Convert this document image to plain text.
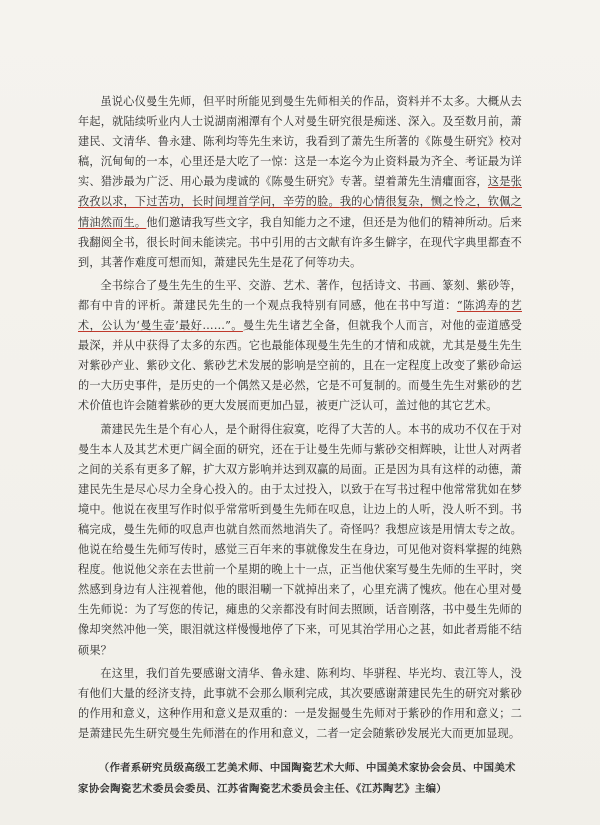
虽说心仪曼生先师，但平时所能见到曼生先师相关的作品，资料并不太多。大概从去年起，就陆续听业内人士说湖南湘潭有个人对曼生研究很是痴迷、深入。及至数月前，萧建民、文清华、鲁永建、陈利均等先生来访，我看到了萧先生所著的《陈曼生研究》校对稿，沉甸甸的一本，心里还是大吃了一惊：这是一本迄今为止资料最为齐全、考证最为详实、猎涉最为广泛、用心最为虔诚的《陈曼生研究》专著。望着萧先生清癯面容，这是张孜孜以求，下过苦功，长时间埋首学问，辛劳的脸。我的心情很复杂，恻之怜之，钦佩之情油然而生。他们邀请我写些文字，我自知能力之不逮，但还是为他们的精神所动。后来我翻阅全书，很长时间未能读完。书中引用的古文献有许多生僻字，在现代字典里都查不到，其著作难度可想而知，萧建民先生是花了何等功夫。

全书综合了曼生先生的生平、交游、艺术、著作，包括诗文、书画、篆刻、紫砂等，都有中肯的评析。萧建民先生的一个观点我特别有同感，他在书中写道：“陈鸿寿的艺术，公认为‘曼生壶’最好……”。曼生先生诸艺全备，但就我个人而言，对他的壶道感受最深，并从中获得了太多的东西。它也最能体现曼生先生的才情和成就，尤其是曼生先生对紫砂产业、紫砂文化、紫砂艺术发展的影响是空前的，且在一定程度上改变了紫砂命运的一大历史事件，是历史的一个偶然又是必然，它是不可复制的。而曼生先生对紫砂的艺术价值也许会随着紫砂的更大发展而更加凸显，被更广泛认可，盖过他的其它艺术。

萧建民先生是个有心人，是个耐得住寂寞，吃得了大苦的人。本书的成功不仅在于对曼生本人及其艺术更广阔全面的研究，还在于让曼生先师与紫砂交相辉映，让世人对两者之间的关系有更多了解，扩大双方影响并达到双赢的局面。正是因为具有这样的动德，萧建民先生是尽心尽力全身心投入的。由于太过投入，以致于在写书过程中他常常犹如在梦境中。他说在夜里写作时似乎常常听到曼生先师在叹息，让边上的人听，没人听不到。书稿完成，曼生先师的叹息声也就自然而然地消失了。奇怪吗？我想应该是用情太专之故。他说在给曼生先师写传时，感觉三百年来的事就像发生在身边，可见他对资料掌握的纯熟程度。他说他父亲在去世前一个星期的晚上十一点，正当他伏案写曼生先师的生平时，突然感到身边有人注视着他，他的眼泪唰一下就掉出来了，心里充满了愧疚。他在心里对曼生先师说：为了写您的传记，瘫患的父亲都没有时间去照顾，话音刚落，书中曼生先师的像却突然冲他一笑，眼泪就这样慢慢地停了下来，可见其治学用心之甚，如此者焉能不结硕果？

在这里，我们首先要感谢文清华、鲁永建、陈利均、毕骈程、毕光均、袁江等人，没有他们大量的经济支持，此事就不会那么顺利完成，其次要感谢萧建民先生的研究对紫砂的作用和意义，这种作用和意义是双重的：一是发掘曼生先师对于紫砂的作用和意义；二是萧建民先生研究曼生先师潜在的作用和意义，二者一定会随紫砂发展光大而更加显现。

（作者系研究员级高级工艺美术师、中国陶瓷艺术大师、中国美术家协会会员、中国美术家协会陶瓷艺术委员会委员、江苏省陶瓷艺术委员会主任、《江苏陶艺》主编）
